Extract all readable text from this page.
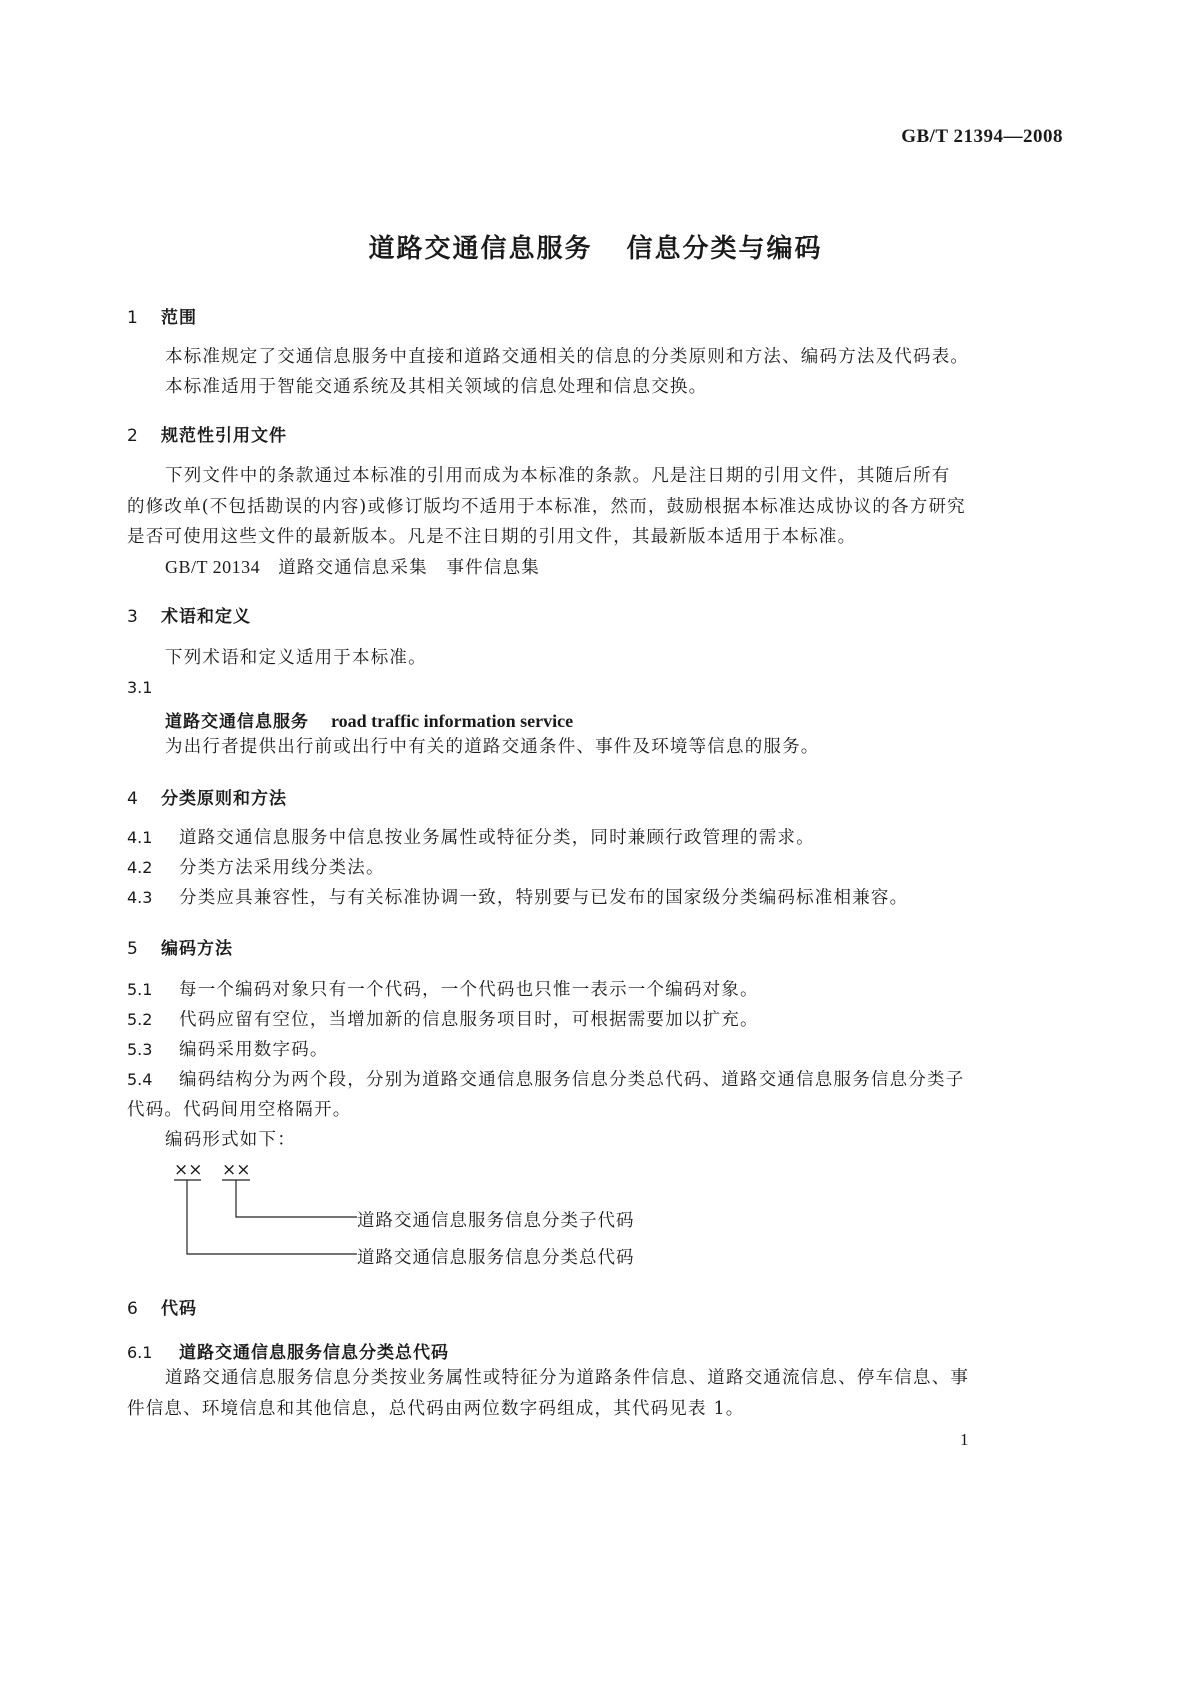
GB/T 21394—2008
道路交通信息服务 信息分类与编码
1 范围
本标准规定了交通信息服务中直接和道路交通相关的信息的分类原则和方法、编码方法及代码表。
本标准适用于智能交通系统及其相关领域的信息处理和信息交换。
2 规范性引用文件
下列文件中的条款通过本标准的引用而成为本标准的条款。凡是注日期的引用文件，其随后所有
的修改单(不包括勘误的内容)或修订版均不适用于本标准，然而，鼓励根据本标准达成协议的各方研究
是否可使用这些文件的最新版本。凡是不注日期的引用文件，其最新版本适用于本标准。
GB/T 20134 道路交通信息采集　事件信息集
3 术语和定义
下列术语和定义适用于本标准。
3.1
道路交通信息服务 road traffic information service
为出行者提供出行前或出行中有关的道路交通条件、事件及环境等信息的服务。
4 分类原则和方法
4.1 道路交通信息服务中信息按业务属性或特征分类，同时兼顾行政管理的需求。
4.2 分类方法采用线分类法。
4.3 分类应具兼容性，与有关标准协调一致，特别要与已发布的国家级分类编码标准相兼容。
5 编码方法
5.1 每一个编码对象只有一个代码，一个代码也只惟一表示一个编码对象。
5.2 代码应留有空位，当增加新的信息服务项目时，可根据需要加以扩充。
5.3 编码采用数字码。
5.4 编码结构分为两个段，分别为道路交通信息服务信息分类总代码、道路交通信息服务信息分类子
代码。代码间用空格隔开。
编码形式如下：
×× ××
道路交通信息服务信息分类子代码
道路交通信息服务信息分类总代码
6 代码
6.1 道路交通信息服务信息分类总代码
道路交通信息服务信息分类按业务属性或特征分为道路条件信息、道路交通流信息、停车信息、事
件信息、环境信息和其他信息，总代码由两位数字码组成，其代码见表 1。
1
